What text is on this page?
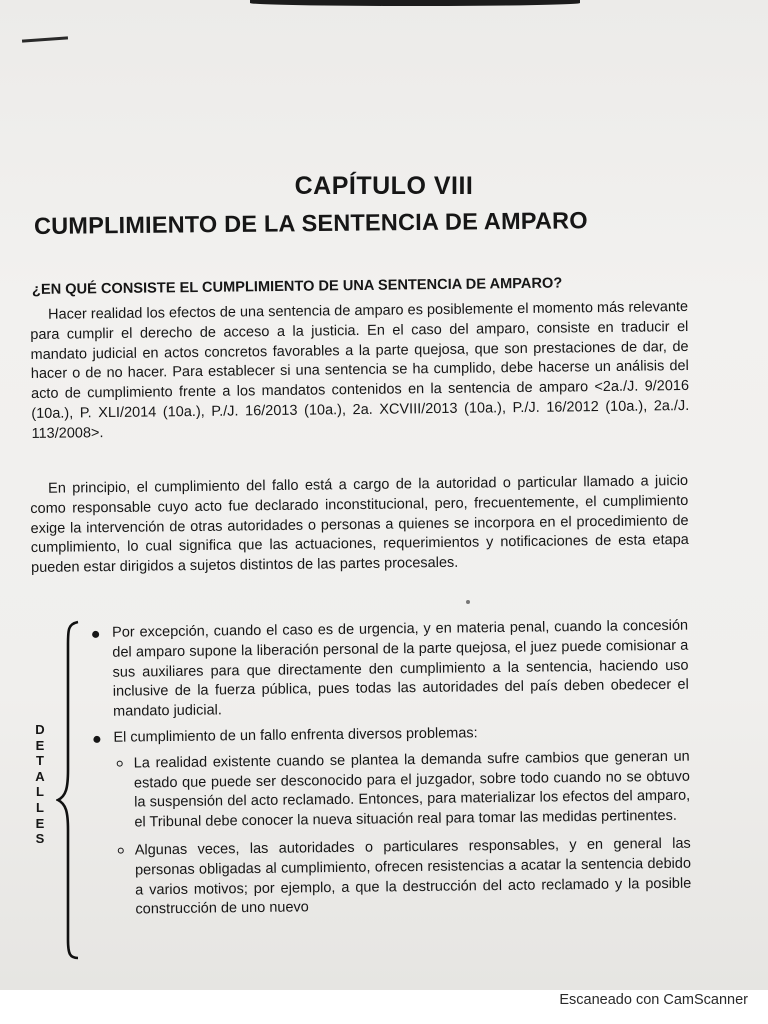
CAPÍTULO VIII
CUMPLIMIENTO DE LA SENTENCIA DE AMPARO
¿EN QUÉ CONSISTE EL CUMPLIMIENTO DE UNA SENTENCIA DE AMPARO?
Hacer realidad los efectos de una sentencia de amparo es posiblemente el momento más relevante para cumplir el derecho de acceso a la justicia. En el caso del amparo, consiste en traducir el mandato judicial en actos concretos favorables a la parte quejosa, que son prestaciones de dar, de hacer o de no hacer. Para establecer si una sentencia se ha cumplido, debe hacerse un análisis del acto de cumplimiento frente a los mandatos contenidos en la sentencia de amparo <2a./J. 9/2016 (10a.), P. XLI/2014 (10a.), P./J. 16/2013 (10a.), 2a. XCVIII/2013 (10a.), P./J. 16/2012 (10a.), 2a./J. 113/2008>.
En principio, el cumplimiento del fallo está a cargo de la autoridad o particular llamado a juicio como responsable cuyo acto fue declarado inconstitucional, pero, frecuentemente, el cumplimiento exige la intervención de otras autoridades o personas a quienes se incorpora en el procedimiento de cumplimiento, lo cual significa que las actuaciones, requerimientos y notificaciones de esta etapa pueden estar dirigidos a sujetos distintos de las partes procesales.
D
E
T
A
L
L
E
S
Por excepción, cuando el caso es de urgencia, y en materia penal, cuando la concesión del amparo supone la liberación personal de la parte quejosa, el juez puede comisionar a sus auxiliares para que directamente den cumplimiento a la sentencia, haciendo uso inclusive de la fuerza pública, pues todas las autoridades del país deben obedecer el mandato judicial.
El cumplimiento de un fallo enfrenta diversos problemas:
La realidad existente cuando se plantea la demanda sufre cambios que generan un estado que puede ser desconocido para el juzgador, sobre todo cuando no se obtuvo la suspensión del acto reclamado. Entonces, para materializar los efectos del amparo, el Tribunal debe conocer la nueva situación real para tomar las medidas pertinentes.
Algunas veces, las autoridades o particulares responsables, y en general las personas obligadas al cumplimiento, ofrecen resistencias a acatar la sentencia debido a varios motivos; por ejemplo, a que la destrucción del acto reclamado y la posible construcción de uno nuevo
Escaneado con CamScanner
